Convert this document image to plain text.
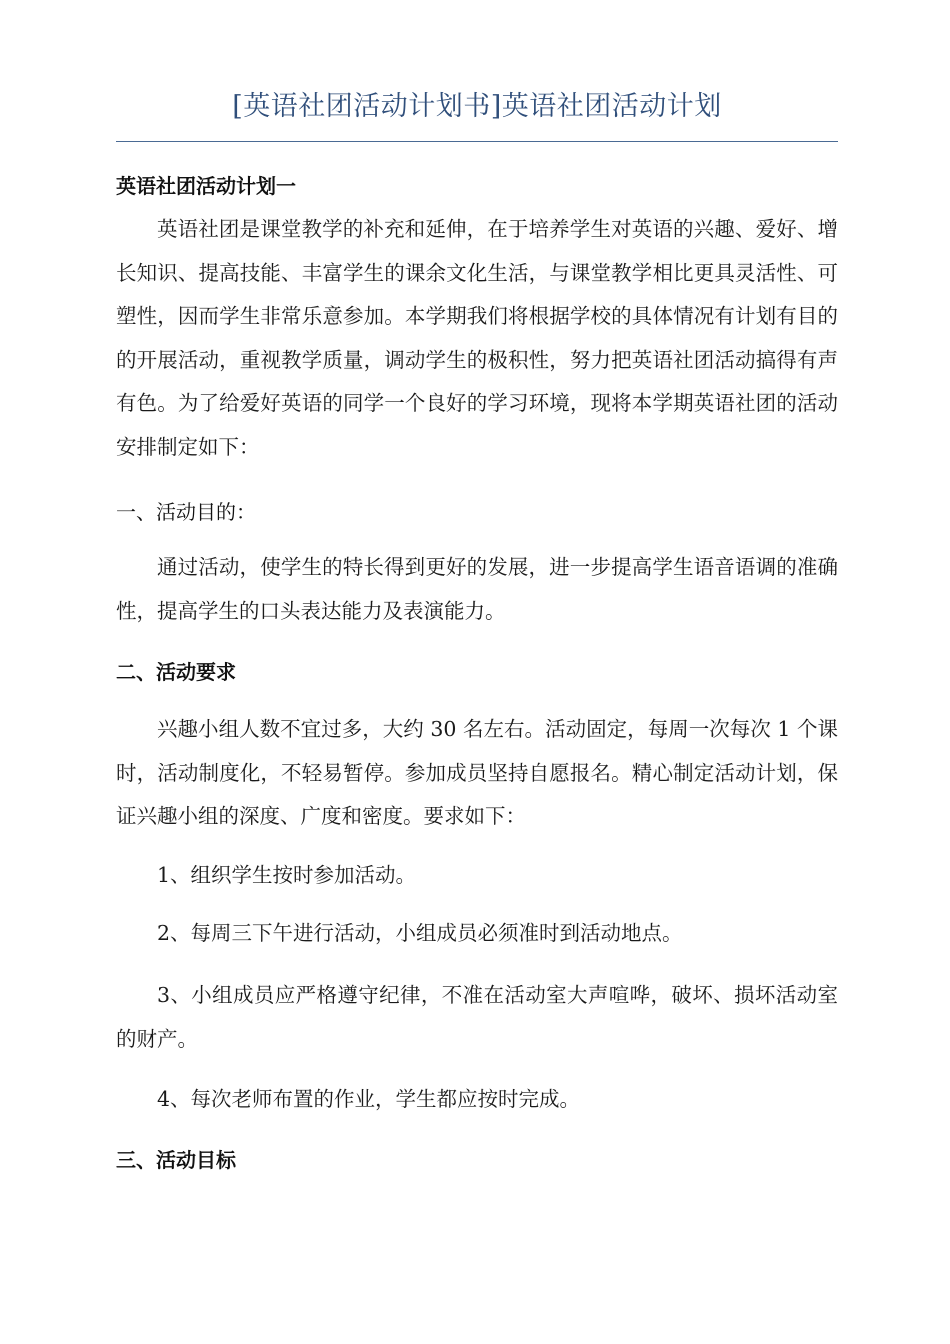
[英语社团活动计划书]英语社团活动计划
英语社团活动计划一

英语社团是课堂教学的补充和延伸，在于培养学生对英语的兴趣、爱好、增长知识、提高技能、丰富学生的课余文化生活，与课堂教学相比更具灵活性、可塑性，因而学生非常乐意参加。本学期我们将根据学校的具体情况有计划有目的的开展活动，重视教学质量，调动学生的极积性，努力把英语社团活动搞得有声有色。为了给爱好英语的同学一个良好的学习环境，现将本学期英语社团的活动安排制定如下：

一、活动目的：

通过活动，使学生的特长得到更好的发展，进一步提高学生语音语调的准确性，提高学生的口头表达能力及表演能力。

二、活动要求

兴趣小组人数不宜过多，大约 30 名左右。活动固定，每周一次每次 1 个课时，活动制度化，不轻易暂停。参加成员坚持自愿报名。精心制定活动计划，保证兴趣小组的深度、广度和密度。要求如下：

1、组织学生按时参加活动。

2、每周三下午进行活动，小组成员必须准时到活动地点。

3、小组成员应严格遵守纪律，不准在活动室大声喧哗，破坏、损坏活动室的财产。

4、每次老师布置的作业，学生都应按时完成。

三、活动目标
